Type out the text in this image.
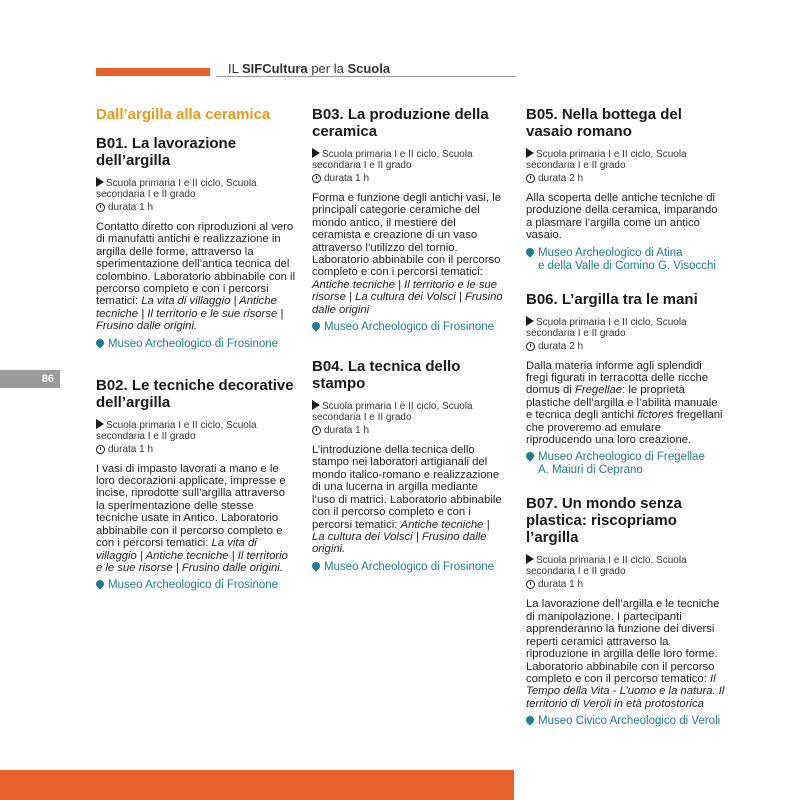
IL SIFCultura per la Scuola
86
Dall’argilla alla ceramica
B01. La lavorazione dell’argilla
Scuola primaria I e II ciclo, Scuola secondaria I e II grado
durata 1 h
Contatto diretto con riproduzioni al vero di manufatti antichi e realizzazione in argilla delle forme, attraverso la sperimentazione dell’antica tecnica del colombino. Laboratorio abbinabile con il percorso completo e con i percorsi tematici: La vita di villaggio | Antiche tecniche | Il territorio e le sue risorse | Frusino dalle origini.
Museo Archeologico di Frosinone
B02. Le tecniche decorative dell’argilla
Scuola primaria I e II ciclo, Scuola secondaria I e II grado
durata 1 h
I vasi di impasto lavorati a mano e le loro decorazioni applicate, impresse e incise, riprodotte sull’argilla attraverso la sperimentazione delle stesse tecniche usate in Antico. Laboratorio abbinabile con il percorso completo e con i percorsi tematici: La vita di villaggio | Antiche tecniche | Il territorio e le sue risorse | Frusino dalle origini.
Museo Archeologico di Frosinone
B03. La produzione della ceramica
Scuola primaria I e II ciclo, Scuola secondaria I e II grado
durata 1 h
Forma e funzione degli antichi vasi, le principali categorie ceramiche del mondo antico, il mestiere del ceramista e creazione di un vaso attraverso l’utilizzo del tornio. Laboratorio abbinabile con il percorso completo e con i percorsi tematici: Antiche tecniche | Il territorio e le sue risorse | La cultura dei Volsci | Frusino dalle origini
Museo Archeologico di Frosinone
B04. La tecnica dello stampo
Scuola primaria I e II ciclo, Scuola secondaria I e II grado
durata 1 h
L’introduzione della tecnica dello stampo nei laboratori artigianali del mondo italico-romano e realizzazione di una lucerna in argilla mediante l’uso di matrici. Laboratorio abbinabile con il percorso completo e con i percorsi tematici: Antiche tecniche | La cultura dei Volsci | Frusino dalle origini.
Museo Archeologico di Frosinone
B05. Nella bottega del vasaio romano
Scuola primaria I e II ciclo, Scuola secondaria I e II grado
durata 2 h
Alla scoperta delle antiche tecniche di produzione della ceramica, imparando a plasmare l’argilla come un antico vasaio.
Museo Archeologico di Atina
e della Valle di Comino G. Visocchi
B06. L’argilla tra le mani
Scuola primaria I e II ciclo, Scuola secondaria I e II grado
durata 2 h
Dalla materia informe agli splendidi fregi figurati in terracotta delle ricche domus di Fregellae: le proprietà plastiche dell’argilla e l’abilità manuale e tecnica degli antichi fictores fregellani che proveremo ad emulare riproducendo una loro creazione.
Museo Archeologico di Fregellae
A. Maiuri di Ceprano
B07. Un mondo senza plastica: riscopriamo l’argilla
Scuola primaria I e II ciclo, Scuola secondaria I e II grado
durata 1 h
La lavorazione dell’argilla e le tecniche di manipolazione. I partecipanti apprenderanno la funzione dei diversi reperti ceramici attraverso la riproduzione in argilla delle loro forme. Laboratorio abbinabile con il percorso completo e con il percorso tematico: Il Tempo della Vita - L’uomo e la natura. Il territorio di Veroli in età protostorica
Museo Civico Archeologico di Veroli
